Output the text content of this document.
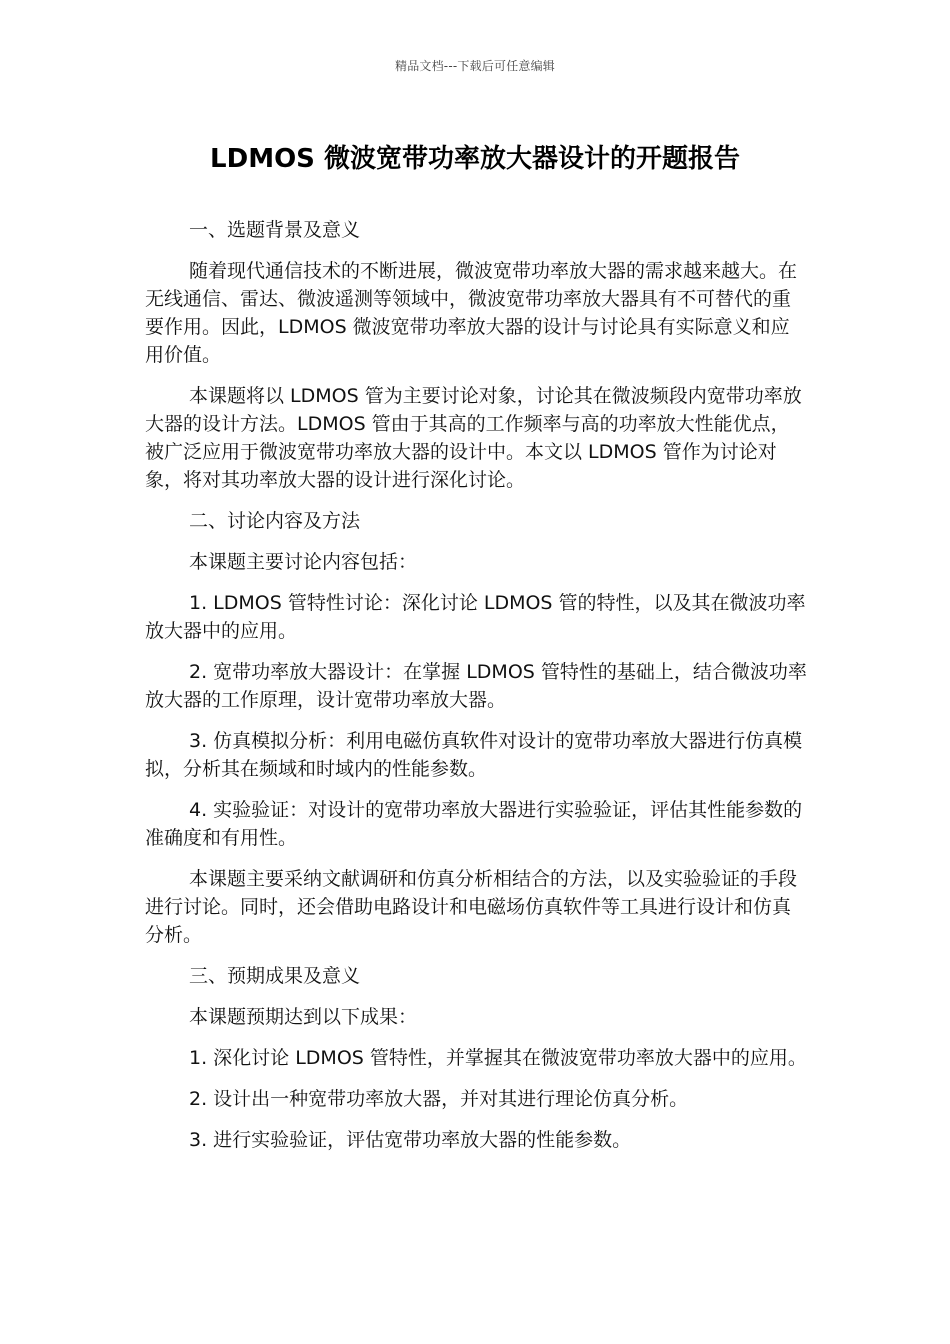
精品文档---下载后可任意编辑
LDMOS 微波宽带功率放大器设计的开题报告

一、选题背景及意义

随着现代通信技术的不断进展，微波宽带功率放大器的需求越来越大。在无线通信、雷达、微波遥测等领域中，微波宽带功率放大器具有不可替代的重要作用。因此，LDMOS 微波宽带功率放大器的设计与讨论具有实际意义和应用价值。

本课题将以 LDMOS 管为主要讨论对象，讨论其在微波频段内宽带功率放大器的设计方法。LDMOS 管由于其高的工作频率与高的功率放大性能优点，被广泛应用于微波宽带功率放大器的设计中。本文以 LDMOS 管作为讨论对象，将对其功率放大器的设计进行深化讨论。

二、讨论内容及方法

本课题主要讨论内容包括：

1. LDMOS 管特性讨论：深化讨论 LDMOS 管的特性，以及其在微波功率放大器中的应用。

2. 宽带功率放大器设计：在掌握 LDMOS 管特性的基础上，结合微波功率放大器的工作原理，设计宽带功率放大器。

3. 仿真模拟分析：利用电磁仿真软件对设计的宽带功率放大器进行仿真模拟，分析其在频域和时域内的性能参数。

4. 实验验证：对设计的宽带功率放大器进行实验验证，评估其性能参数的准确度和有用性。

本课题主要采纳文献调研和仿真分析相结合的方法，以及实验验证的手段进行讨论。同时，还会借助电路设计和电磁场仿真软件等工具进行设计和仿真分析。

三、预期成果及意义

本课题预期达到以下成果：

1. 深化讨论 LDMOS 管特性，并掌握其在微波宽带功率放大器中的应用。

2. 设计出一种宽带功率放大器，并对其进行理论仿真分析。

3. 进行实验验证，评估宽带功率放大器的性能参数。
